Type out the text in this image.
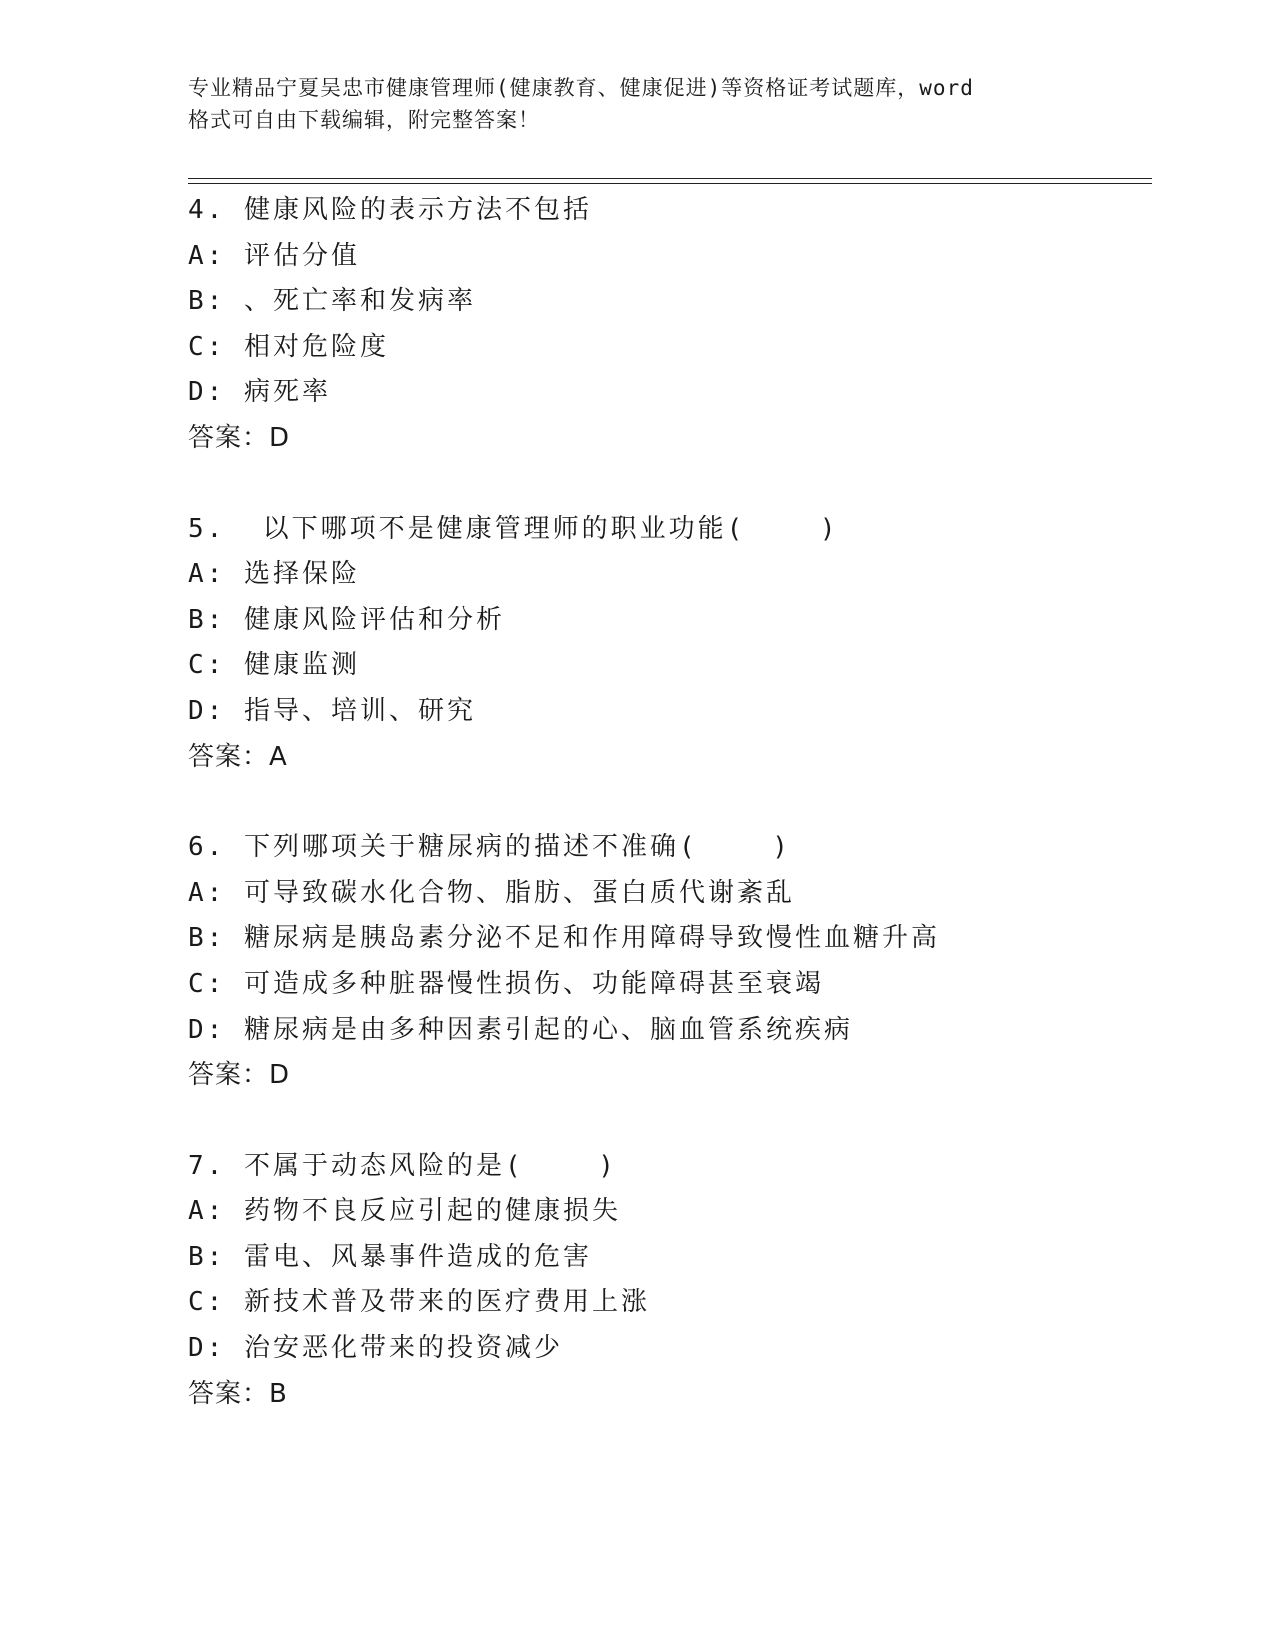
专业精品宁夏吴忠市健康管理师(健康教育、健康促进)等资格证考试题库，word
格式可自由下载编辑，附完整答案！
4. 健康风险的表示方法不包括
A: 评估分值
B: 、死亡率和发病率
C: 相对危险度
D: 病死率
答案：D
5.  以下哪项不是健康管理师的职业功能(    )
A: 选择保险
B: 健康风险评估和分析
C: 健康监测
D: 指导、培训、研究
答案：A
6. 下列哪项关于糖尿病的描述不准确(    )
A: 可导致碳水化合物、脂肪、蛋白质代谢紊乱
B: 糖尿病是胰岛素分泌不足和作用障碍导致慢性血糖升高
C: 可造成多种脏器慢性损伤、功能障碍甚至衰竭
D: 糖尿病是由多种因素引起的心、脑血管系统疾病
答案：D
7. 不属于动态风险的是(    )
A: 药物不良反应引起的健康损失
B: 雷电、风暴事件造成的危害
C: 新技术普及带来的医疗费用上涨
D: 治安恶化带来的投资减少
答案：B
